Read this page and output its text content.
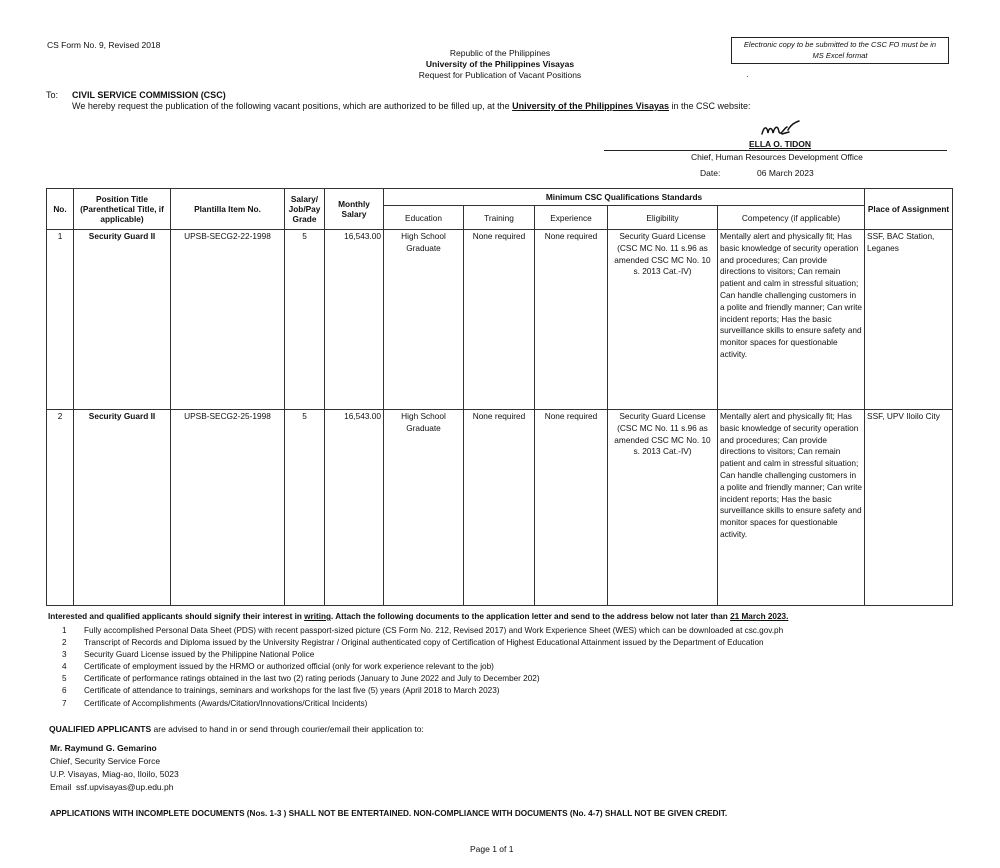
CS Form No. 9, Revised 2018
Republic of the Philippines
University of the Philippines Visayas
Request for Publication of Vacant Positions
Electronic copy to be submitted to the CSC FO must be in
MS Excel format
·
To: CIVIL SERVICE COMMISSION (CSC)
We hereby request the publication of the following vacant positions, which are authorized to be filled up, at the University of the Philippines Visayas in the CSC website:
ELLA O. TIDON
Chief, Human Resources Development Office
Date:	06 March 2023
No.	Position Title (Parenthetical Title, if applicable)	Plantilla Item No.	Salary/ Job/Pay Grade	Monthly Salary	Minimum CSC Qualifications Standards					Place of Assignment
					Education	Training	Experience	Eligibility	Competency (if applicable)	
1	Security Guard II	UPSB-SECG2-22-1998	5	16,543.00	High School Graduate	None required	None required	Security Guard License (CSC MC No. 11 s.96 as amended CSC MC No. 10 s. 2013 Cat.-IV)	Mentally alert and physically fit; Has basic knowledge of security operation and procedures; Can provide directions to visitors; Can remain patient and calm in stressful situation; Can handle challenging customers in a polite and friendly manner; Can write incident reports; Has the basic surveillance skills to ensure safety and monitor spaces for questionable activity.	SSF, BAC Station, Leganes
2	Security Guard II	UPSB-SECG2-25-1998	5	16,543.00	High School Graduate	None required	None required	Security Guard License (CSC MC No. 11 s.96 as amended CSC MC No. 10 s. 2013 Cat.-IV)	Mentally alert and physically fit; Has basic knowledge of security operation and procedures; Can provide directions to visitors; Can remain patient and calm in stressful situation; Can handle challenging customers in a polite and friendly manner; Can write incident reports; Has the basic surveillance skills to ensure safety and monitor spaces for questionable activity.	SSF, UPV Iloilo City
Interested and qualified applicants should signify their interest in writing. Attach the following documents to the application letter and send to the address below not later than 21 March 2023.
1	Fully accomplished Personal Data Sheet (PDS) with recent passport-sized picture (CS Form No. 212, Revised 2017) and Work Experience Sheet (WES) which can be downloaded at csc.gov.ph
2	Transcript of Records and Diploma issued by the University Registrar / Original authenticated copy of Certification of Highest Educational Attainment issued by the Department of Education
3	Security Guard License issued by the Philippine National Police
4	Certificate of employment issued by the HRMO or authorized official (only for work experience relevant to the job)
5	Certificate of performance ratings obtained in the last two (2) rating periods (January to June 2022 and July to December 202)
6	Certificate of attendance to trainings, seminars and workshops for the last five (5) years (April 2018 to March 2023)
7	Certificate of Accomplishments (Awards/Citation/Innovations/Critical Incidents)
QUALIFIED APPLICANTS are advised to hand in or send through courier/email their application to:
Mr. Raymund G. Gemarino
Chief, Security Service Force
U.P. Visayas, Miag-ao, Iloilo, 5023
Email ssf.upvisayas@up.edu.ph
APPLICATIONS WITH INCOMPLETE DOCUMENTS (Nos. 1-3 ) SHALL NOT BE ENTERTAINED. NON-COMPLIANCE WITH DOCUMENTS (No. 4-7) SHALL NOT BE GIVEN CREDIT.
Page 1 of 1
